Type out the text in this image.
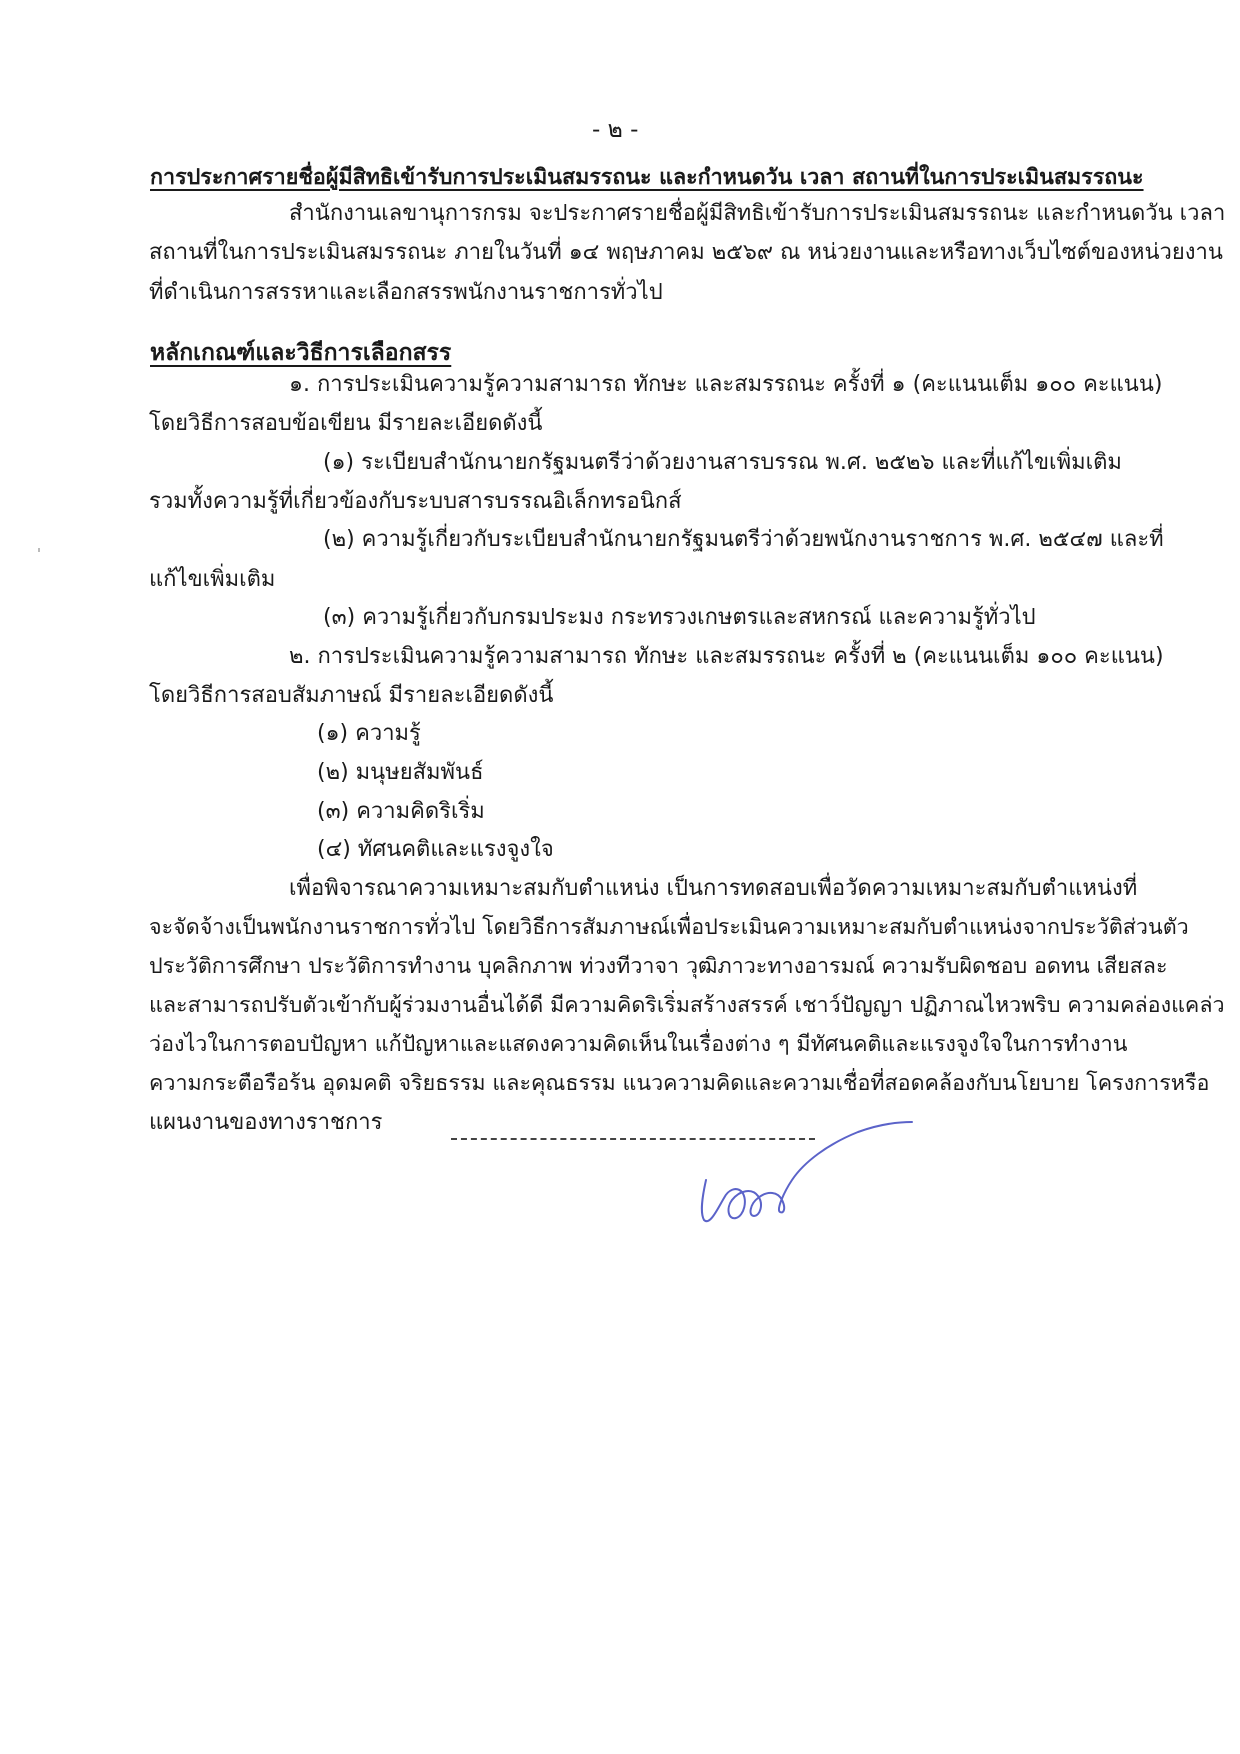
- ๒ -
การประกาศรายชื่อผู้มีสิทธิเข้ารับการประเมินสมรรถนะ และกำหนดวัน เวลา สถานที่ในการประเมินสมรรถนะ
สำนักงานเลขานุการกรม จะประกาศรายชื่อผู้มีสิทธิเข้ารับการประเมินสมรรถนะ และกำหนดวัน เวลา
สถานที่ในการประเมินสมรรถนะ ภายในวันที่ ๑๔ พฤษภาคม ๒๕๖๙ ณ หน่วยงานและหรือทางเว็บไซต์ของหน่วยงาน
ที่ดำเนินการสรรหาและเลือกสรรพนักงานราชการทั่วไป
หลักเกณฑ์และวิธีการเลือกสรร
๑. การประเมินความรู้ความสามารถ ทักษะ และสมรรถนะ ครั้งที่ ๑ (คะแนนเต็ม ๑๐๐ คะแนน)
โดยวิธีการสอบข้อเขียน มีรายละเอียดดังนี้
(๑) ระเบียบสำนักนายกรัฐมนตรีว่าด้วยงานสารบรรณ พ.ศ. ๒๕๒๖ และที่แก้ไขเพิ่มเติม
รวมทั้งความรู้ที่เกี่ยวข้องกับระบบสารบรรณอิเล็กทรอนิกส์
(๒) ความรู้เกี่ยวกับระเบียบสำนักนายกรัฐมนตรีว่าด้วยพนักงานราชการ พ.ศ. ๒๕๔๗ และที่
แก้ไขเพิ่มเติม
(๓) ความรู้เกี่ยวกับกรมประมง กระทรวงเกษตรและสหกรณ์ และความรู้ทั่วไป
๒. การประเมินความรู้ความสามารถ ทักษะ และสมรรถนะ ครั้งที่ ๒ (คะแนนเต็ม ๑๐๐ คะแนน)
โดยวิธีการสอบสัมภาษณ์ มีรายละเอียดดังนี้
(๑) ความรู้
(๒) มนุษยสัมพันธ์
(๓) ความคิดริเริ่ม
(๔) ทัศนคติและแรงจูงใจ
เพื่อพิจารณาความเหมาะสมกับตำแหน่ง เป็นการทดสอบเพื่อวัดความเหมาะสมกับตำแหน่งที่
จะจัดจ้างเป็นพนักงานราชการทั่วไป โดยวิธีการสัมภาษณ์เพื่อประเมินความเหมาะสมกับตำแหน่งจากประวัติส่วนตัว
ประวัติการศึกษา ประวัติการทำงาน บุคลิกภาพ ท่วงทีวาจา วุฒิภาวะทางอารมณ์ ความรับผิดชอบ อดทน เสียสละ
และสามารถปรับตัวเข้ากับผู้ร่วมงานอื่นได้ดี มีความคิดริเริ่มสร้างสรรค์ เชาว์ปัญญา ปฏิภาณไหวพริบ ความคล่องแคล่ว
ว่องไวในการตอบปัญหา แก้ปัญหาและแสดงความคิดเห็นในเรื่องต่าง ๆ มีทัศนคติและแรงจูงใจในการทำงาน
ความกระตือรือร้น อุดมคติ จริยธรรม และคุณธรรม แนวความคิดและความเชื่อที่สอดคล้องกับนโยบาย โครงการหรือ
แผนงานของทางราชการ
